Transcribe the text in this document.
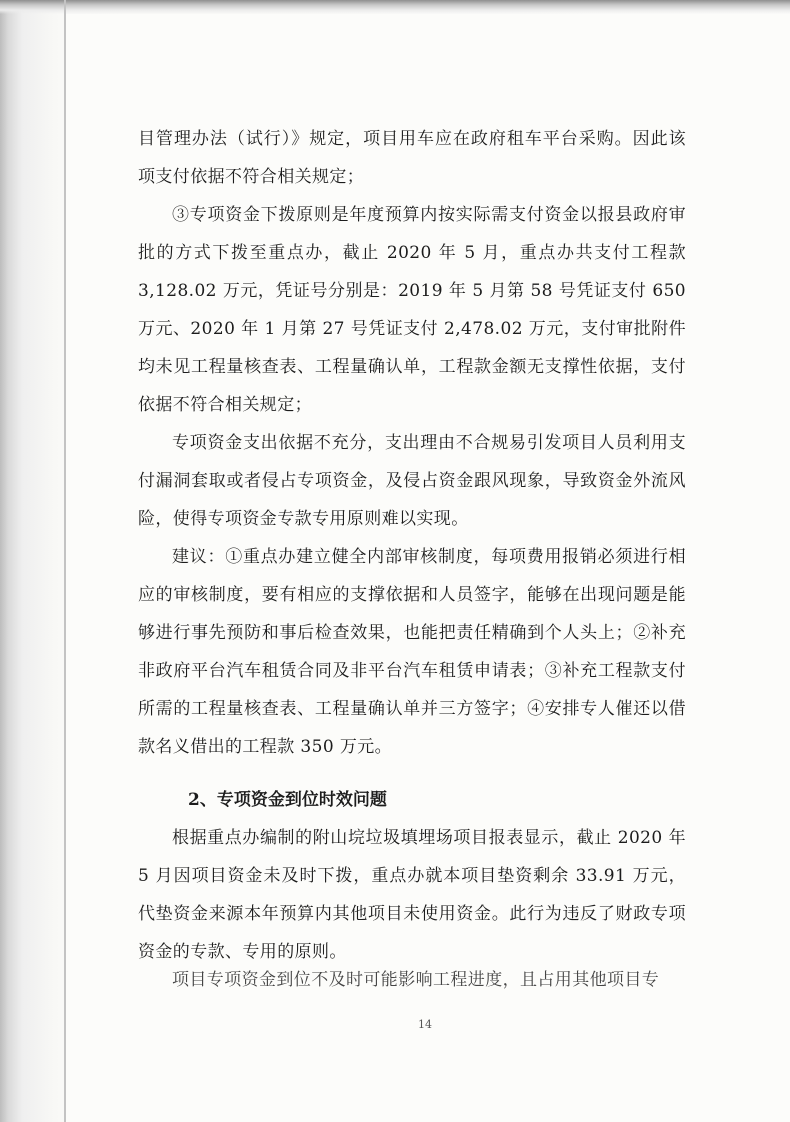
目管理办法（试行）》规定，项目用车应在政府租车平台采购。因此该项支付依据不符合相关规定；

③专项资金下拨原则是年度预算内按实际需支付资金以报县政府审批的方式下拨至重点办，截止 2020 年 5 月，重点办共支付工程款 3,128.02 万元，凭证号分别是：2019 年 5 月第 58 号凭证支付 650 万元、2020 年 1 月第 27 号凭证支付 2,478.02 万元，支付审批附件均未见工程量核查表、工程量确认单，工程款金额无支撑性依据，支付依据不符合相关规定；

专项资金支出依据不充分，支出理由不合规易引发项目人员利用支付漏洞套取或者侵占专项资金，及侵占资金跟风现象，导致资金外流风险，使得专项资金专款专用原则难以实现。

建议：①重点办建立健全内部审核制度，每项费用报销必须进行相应的审核制度，要有相应的支撑依据和人员签字，能够在出现问题是能够进行事先预防和事后检查效果，也能把责任精确到个人头上；②补充非政府平台汽车租赁合同及非平台汽车租赁申请表；③补充工程款支付所需的工程量核查表、工程量确认单并三方签字；④安排专人催还以借款名义借出的工程款 350 万元。

2、专项资金到位时效问题

根据重点办编制的附山垸垃圾填埋场项目报表显示，截止 2020 年 5 月因项目资金未及时下拨，重点办就本项目垫资剩余 33.91 万元，代垫资金来源本年预算内其他项目未使用资金。此行为违反了财政专项资金的专款、专用的原则。

项目专项资金到位不及时可能影响工程进度，且占用其他项目专

14
